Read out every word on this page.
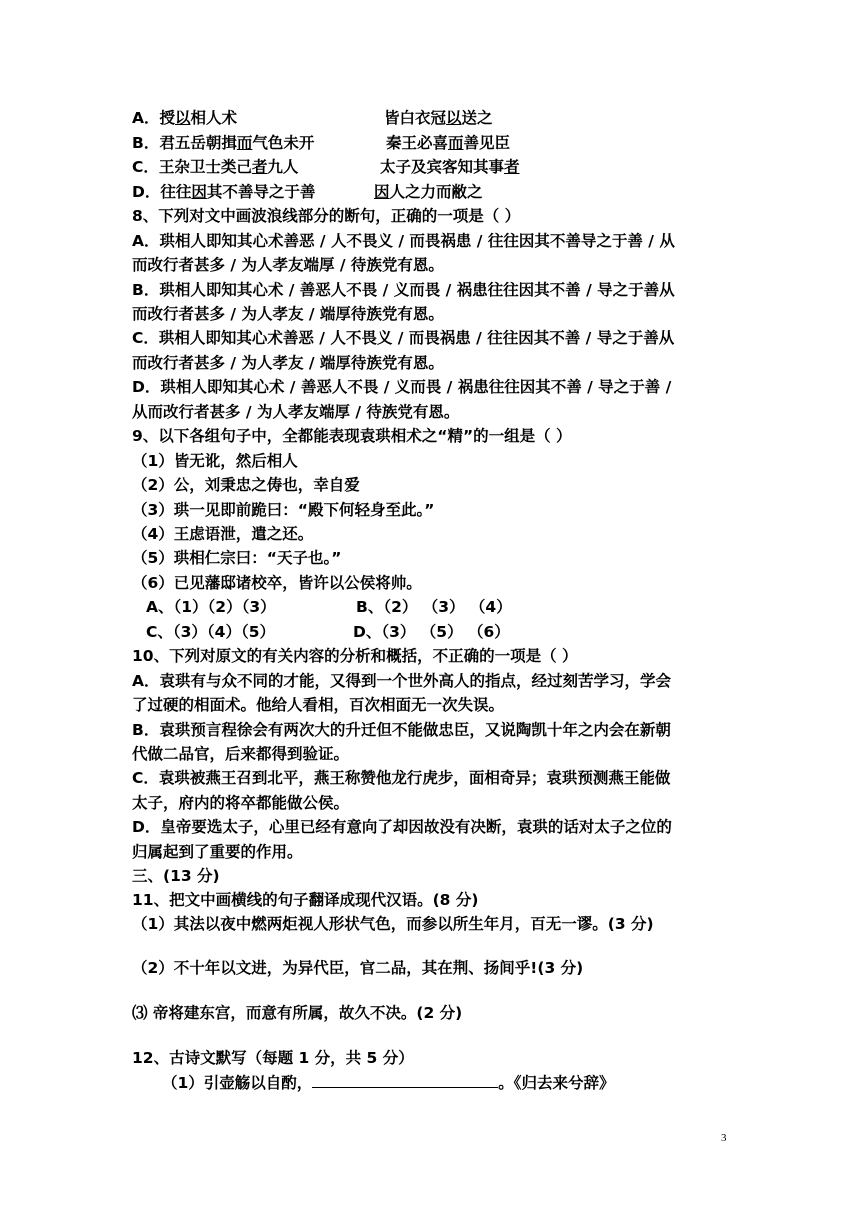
A．授以相人术	皆白衣冠以送之
B．君五岳朝揖而气色未开	秦王必喜而善见臣
C．王杂卫士类己者九人	太子及宾客知其事者
D．往往因其不善导之于善	因人之力而敝之
8、下列对文中画波浪线部分的断句，正确的一项是（ ）
A．珙相人即知其心术善恶 / 人不畏义 / 而畏祸患 / 往往因其不善导之于善 / 从
而改行者甚多 / 为人孝友端厚 / 待族党有恩。
B．珙相人即知其心术 / 善恶人不畏 / 义而畏 / 祸患往往因其不善 / 导之于善从
而改行者甚多 / 为人孝友 / 端厚待族党有恩。
C．珙相人即知其心术善恶 / 人不畏义 / 而畏祸患 / 往往因其不善 / 导之于善从
而改行者甚多 / 为人孝友 / 端厚待族党有恩。
D．珙相人即知其心术 / 善恶人不畏 / 义而畏 / 祸患往往因其不善 / 导之于善 /
从而改行者甚多 / 为人孝友端厚 / 待族党有恩。
9、以下各组句子中，全都能表现袁珙相术之“精”的一组是（ ）
（1）皆无讹，然后相人
（2）公，刘秉忠之俦也，幸自爱
（3）珙一见即前跪曰：“殿下何轻身至此。”
（4）王虑语泄，遣之还。
（5）珙相仁宗曰：“天子也。”
（6）已见藩邸诸校卒，皆许以公侯将帅。
A、（1）（2）（3）	B、（2） （3） （4）
C、（3）（4）（5）	D、（3） （5） （6）
10、下列对原文的有关内容的分析和概括，不正确的一项是（ ）
A．袁珙有与众不同的才能，又得到一个世外高人的指点，经过刻苦学习，学会
了过硬的相面术。他给人看相，百次相面无一次失误。
B．袁珙预言程徐会有两次大的升迁但不能做忠臣，又说陶凯十年之内会在新朝
代做二品官，后来都得到验证。
C．袁珙被燕王召到北平，燕王称赞他龙行虎步，面相奇异；袁珙预测燕王能做
太子，府内的将卒都能做公侯。
D．皇帝要选太子，心里已经有意向了却因故没有决断，袁珙的话对太子之位的
归属起到了重要的作用。
三、(13 分)
11、把文中画横线的句子翻译成现代汉语。(8 分)
（1）其法以夜中燃两炬视人形状气色，而参以所生年月，百无一谬。(3 分)
（2）不十年以文进，为异代臣，官二品，其在荆、扬间乎!(3 分)
⑶ 帝将建东宫，而意有所属，故久不决。(2 分)
12、古诗文默写（每题 1 分，共 5 分）
（1）引壶觞以自酌，	。《归去来兮辞》
3
